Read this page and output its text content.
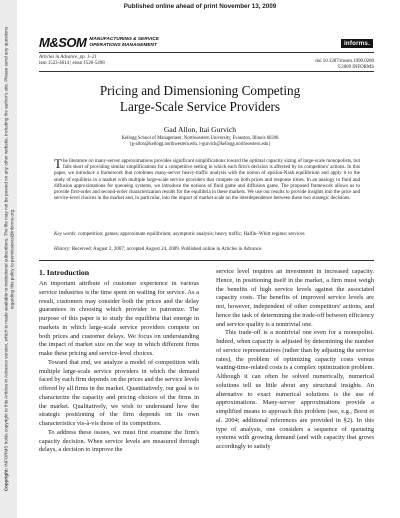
Published online ahead of print November 13, 2009
Copyright: INFORMS holds copyright to this Articles in Advance version, which is made available to institutional subscribers. The file may not be posted on any other website, including the author's site. Please send any questions regarding this policy to permissions@informs.org.
M&SOM MANUFACTURING & SERVICE
OPERATIONS MANAGEMENT	informs.
Articles in Advance, pp. 1–21
issn 1523-4614 | eissn 1526-5498	doi 10.1287/msom.1090.0280
©2009 INFORMS
Pricing and Dimensioning Competing
Large-Scale Service Providers
Gad Allon, Itai Gurvich
Kellogg School of Management, Northwestern University, Evanston, Illinois 60208
{g-allon@kellogg.northwestern.edu, i-gurvich@kellogg.northwestern.edu}

The literature on many-server approximations provides significant simplifications toward the optimal capacity sizing of large-scale monopolists, but falls short of providing similar simplifications for a competitive setting in which each firm's decision is affected by its competitors' actions. In this paper, we introduce a framework that combines many-server heavy-traffic analysis with the notion of epsilon-Nash equilibrium and apply it to the study of equilibria in a market with multiple large-scale service providers that compete on both prices and response times. In an analogy to fluid and diffusion approximations for queueing systems, we introduce the notions of fluid game and diffusion game. The proposed framework allows us to provide first-order and second-order characterization results for the equilibria in these markets. We use our results to provide insights into the price and service-level choices in the market and, in particular, into the impact of market scale on the interdependence between these two strategic decisions.

Key words: competition; games; approximate equilibrium; asymptotic analysis; heavy traffic; Halfin–Whitt regime; services
History: Received: August 2, 2007; accepted August 24, 2009. Published online in Articles in Advance.
1. Introduction

An important attribute of customer experience in various service industries is the time spent on waiting for service. As a result, customers may consider both the prices and the delay guarantees in choosing which provider to patronize. The purpose of this paper is to study the equilibria that emerge in markets in which large-scale service providers compete on both prices and customer delays. We focus on understanding the impact of market size on the way in which different firms make these pricing and service-level choices.

Toward that end, we analyze a model of competition with multiple large-scale service providers in which the demand faced by each firm depends on the prices and the service levels offered by all firms in the market. Quantitatively, our goal is to characterize the capacity and pricing choices of the firms in the market. Qualitatively, we wish to understand how the strategic positioning of the firm depends on its own characteristics vis-à-vis those of its competitors.

To address these issues, we must first examine the firm's capacity decision. When service levels are measured through delays, a decision to improve the

service level requires an investment in increased capacity. Hence, in positioning itself in the market, a firm must weigh the benefits of high service levels against the associated capacity costs. The benefits of improved service levels are not, however, independent of other competitors' actions, and hence the task of determining the trade-off between efficiency and service quality is a nontrivial one.

This trade-off is a nontrivial one even for a monopolist. Indeed, when capacity is adjusted by determining the number of service representatives (rather than by adjusting the service rates), the problem of optimizing capacity costs versus waiting-time-related costs is a complex optimization problem. Although it can often be solved numerically, numerical solutions tell us little about any structural insights. An alternative to exact numerical solutions is the use of approximations. Many-server approximations provide a simplified means to approach this problem (see, e.g., Borst et al. 2004; additional references are provided in §2). In this type of analysis, one considers a sequence of queueing systems with growing demand (and with capacity that grows accordingly to satisfy
